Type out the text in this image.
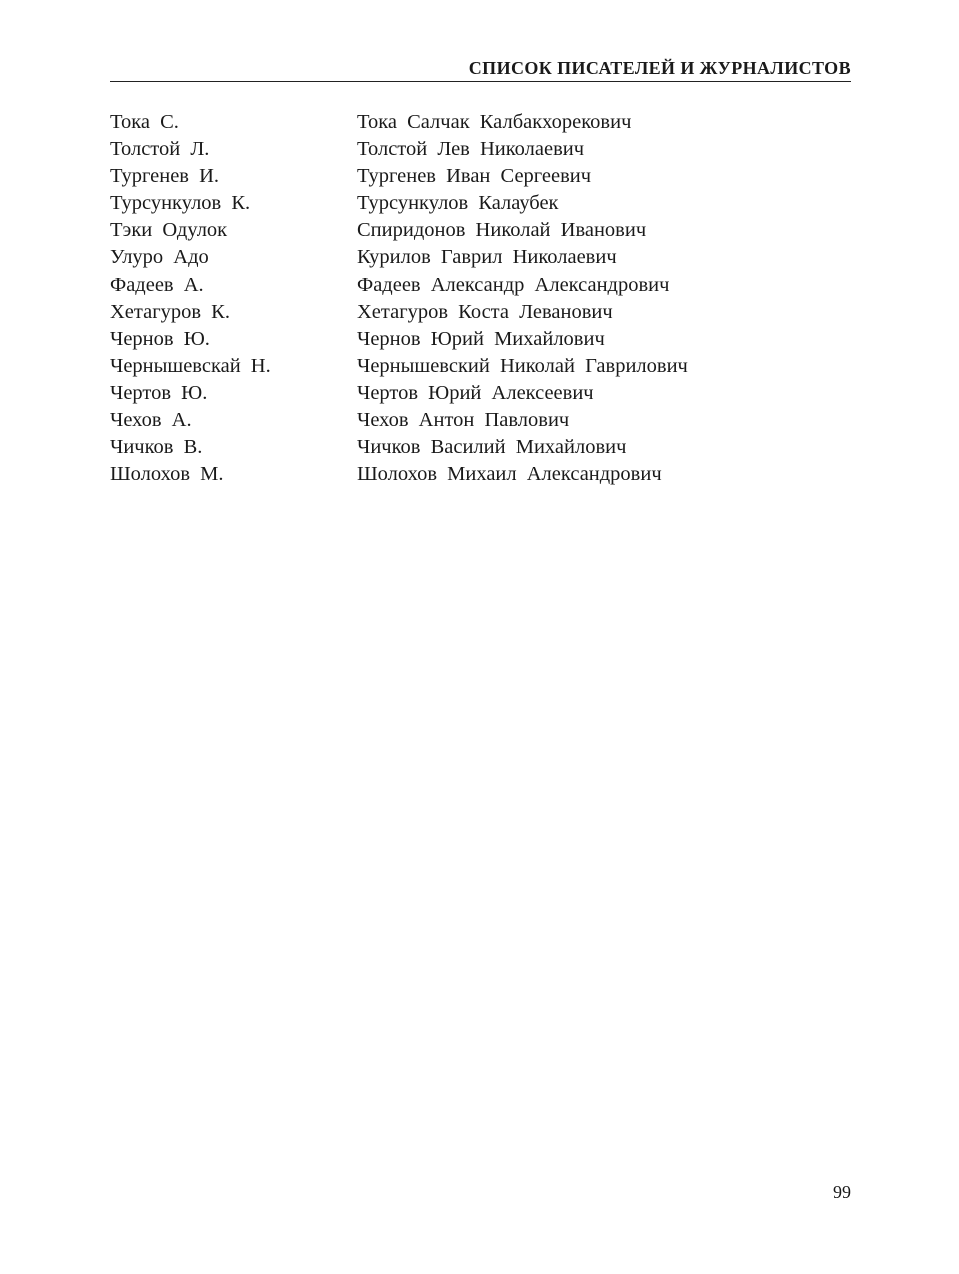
СПИСОК ПИСАТЕЛЕЙ И ЖУРНАЛИСТОВ
Тока С.	Тока Салчак Калбакхорекович
Толстой Л.	Толстой Лев Николаевич
Тургенев И.	Тургенев Иван Сергеевич
Турсункулов К.	Турсункулов Калаубек
Тэки Одулок	Спиридонов Николай Иванович
Улуро Адо	Курилов Гаврил Николаевич
Фадеев А.	Фадеев Александр Александрович
Хетагуров К.	Хетагуров Коста Леванович
Чернов Ю.	Чернов Юрий Михайлович
Чернышевскай Н.	Чернышевский Николай Гаврилович
Чертов Ю.	Чертов Юрий Алексеевич
Чехов А.	Чехов Антон Павлович
Чичков В.	Чичков Василий Михайлович
Шолохов М.	Шолохов Михаил Александрович
99
